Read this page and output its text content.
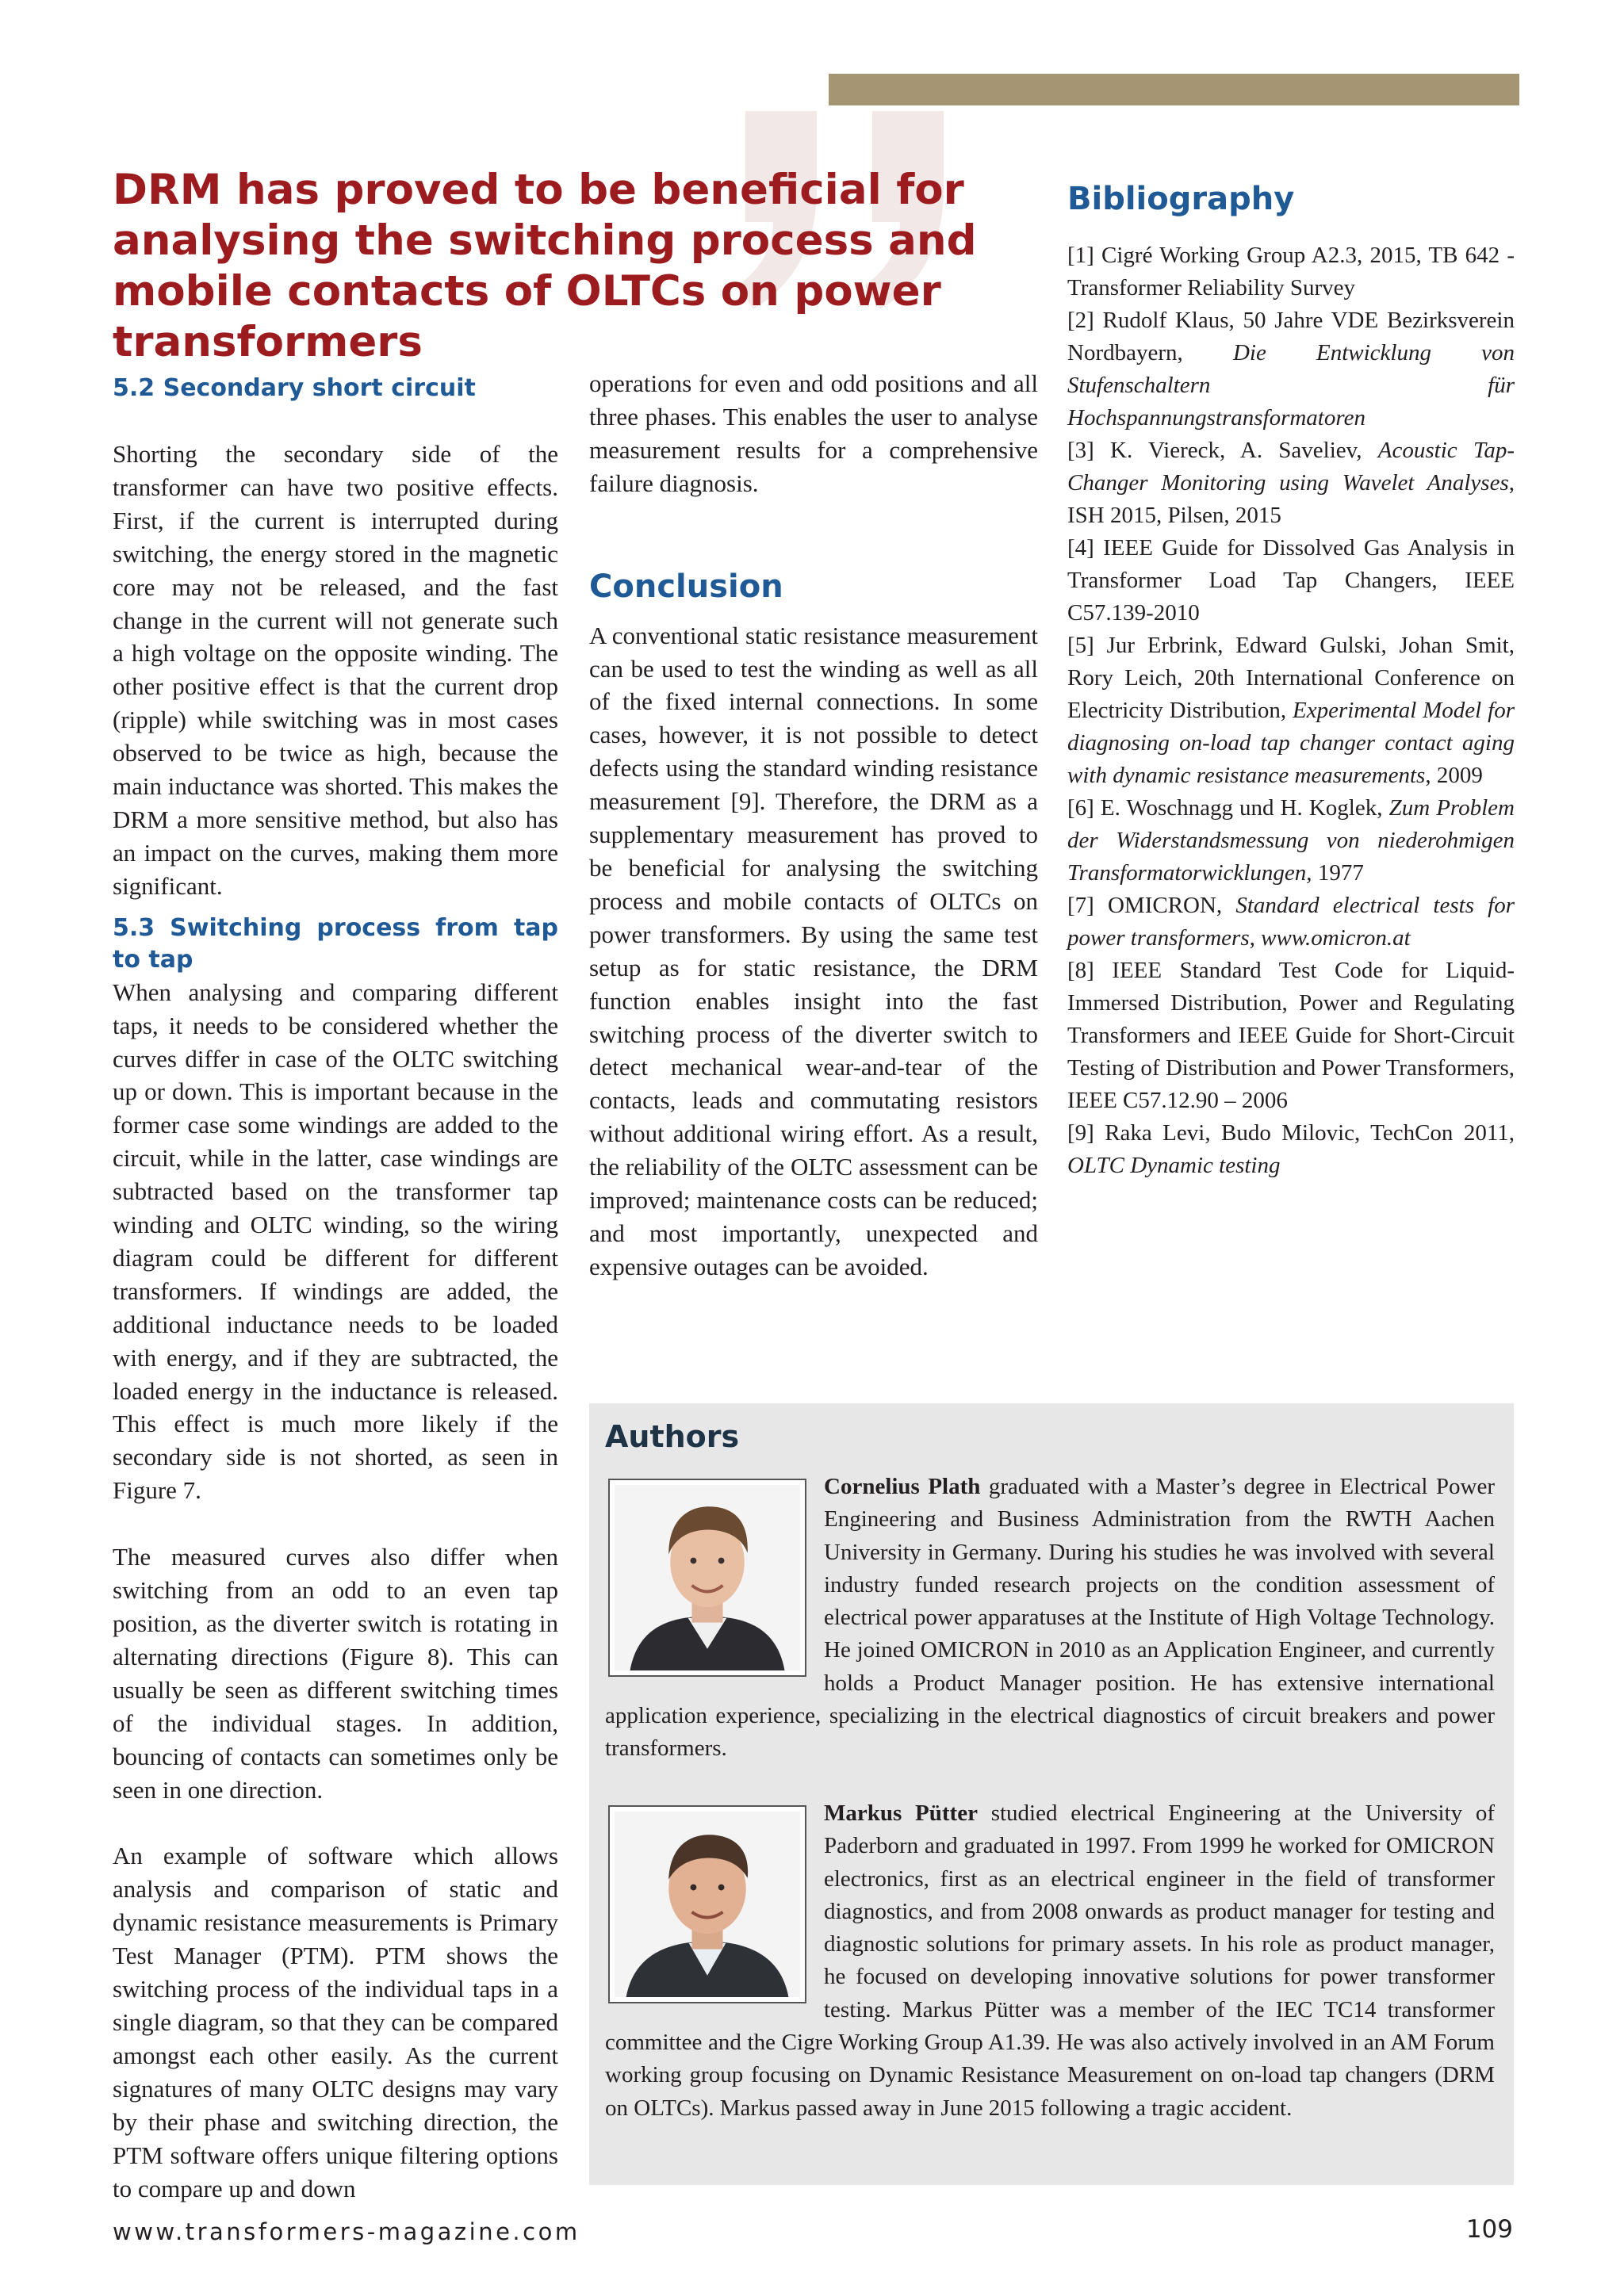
DRM has proved to be beneficial for analysing the switching process and mobile contacts of OLTCs on power transformers
5.2 Secondary short circuit

Shorting the secondary side of the transformer can have two positive effects. First, if the current is interrupted during switching, the energy stored in the magnetic core may not be released, and the fast change in the current will not generate such a high voltage on the opposite winding. The other positive effect is that the current drop (ripple) while switching was in most cases observed to be twice as high, because the main inductance was shorted. This makes the DRM a more sensitive method, but also has an impact on the curves, making them more significant.

5.3 Switching process from tap to tap

When analysing and comparing different taps, it needs to be considered whether the curves differ in case of the OLTC switching up or down. This is important because in the former case some windings are added to the circuit, while in the latter, case windings are subtracted based on the transformer tap winding and OLTC winding, so the wiring diagram could be different for different transformers. If windings are added, the additional inductance needs to be loaded with energy, and if they are subtracted, the loaded energy in the inductance is released. This effect is much more likely if the secondary side is not shorted, as seen in Figure 7.

The measured curves also differ when switching from an odd to an even tap position, as the diverter switch is rotating in alternating directions (Figure 8). This can usually be seen as different switching times of the individual stages. In addition, bouncing of contacts can sometimes only be seen in one direction.

An example of software which allows analysis and comparison of static and dynamic resistance measurements is Primary Test Manager (PTM). PTM shows the switching process of the individual taps in a single diagram, so that they can be compared amongst each other easily. As the current signatures of many OLTC designs may vary by their phase and switching direction, the PTM software offers unique filtering options to compare up and down

operations for even and odd positions and all three phases. This enables the user to analyse measurement results for a comprehensive failure diagnosis.

Conclusion

A conventional static resistance measurement can be used to test the winding as well as all of the fixed internal connections. In some cases, however, it is not possible to detect defects using the standard winding resistance measurement [9]. Therefore, the DRM as a supplementary measurement has proved to be beneficial for analysing the switching process and mobile contacts of OLTCs on power transformers. By using the same test setup as for static resistance, the DRM function enables insight into the fast switching process of the diverter switch to detect mechanical wear-and-tear of the contacts, leads and commutating resistors without additional wiring effort. As a result, the reliability of the OLTC assessment can be improved; maintenance costs can be reduced; and most importantly, unexpected and expensive outages can be avoided.

Bibliography

[1] Cigré Working Group A2.3, 2015, TB 642 - Transformer Reliability Survey

[2] Rudolf Klaus, 50 Jahre VDE Bezirksverein Nordbayern, Die Entwicklung von Stufenschaltern für Hochspannungstransformatoren

[3] K. Viereck, A. Saveliev, Acoustic Tap-Changer Monitoring using Wavelet Analyses, ISH 2015, Pilsen, 2015

[4] IEEE Guide for Dissolved Gas Analysis in Transformer Load Tap Changers, IEEE C57.139-2010

[5] Jur Erbrink, Edward Gulski, Johan Smit, Rory Leich, 20th International Conference on Electricity Distribution, Experimental Model for diagnosing on-load tap changer contact aging with dynamic resistance measurements, 2009

[6] E. Woschnagg und H. Koglek, Zum Problem der Widerstandsmessung von niederohmigen Transformatorwicklungen, 1977

[7] OMICRON, Standard electrical tests for power transformers, www.omicron.at

[8] IEEE Standard Test Code for Liquid-Immersed Distribution, Power and Regulating Transformers and IEEE Guide for Short-Circuit Testing of Distribution and Power Transformers, IEEE C57.12.90 – 2006

[9] Raka Levi, Budo Milovic, TechCon 2011, OLTC Dynamic testing

Authors
Cornelius Plath graduated with a Master’s degree in Electrical Power Engineering and Business Administration from the RWTH Aachen University in Germany. During his studies he was involved with several industry funded research projects on the condition assessment of electrical power apparatuses at the Institute of High Voltage Technology. He joined OMICRON in 2010 as an Application Engineer, and currently holds a Product Manager position. He has extensive international application experience, specializing in the electrical diagnostics of circuit breakers and power transformers.
Markus Pütter studied electrical Engineering at the University of Paderborn and graduated in 1997. From 1999 he worked for OMICRON electronics, first as an electrical engineer in the field of transformer diagnostics, and from 2008 onwards as product manager for testing and diagnostic solutions for primary assets. In his role as product manager, he focused on developing innovative solutions for power transformer testing. Markus Pütter was a member of the IEC TC14 transformer committee and the Cigre Working Group A1.39. He was also actively involved in an AM Forum working group focusing on Dynamic Resistance Measurement on on-load tap changers (DRM on OLTCs). Markus passed away in June 2015 following a tragic accident.
www.transformers-magazine.com	109
